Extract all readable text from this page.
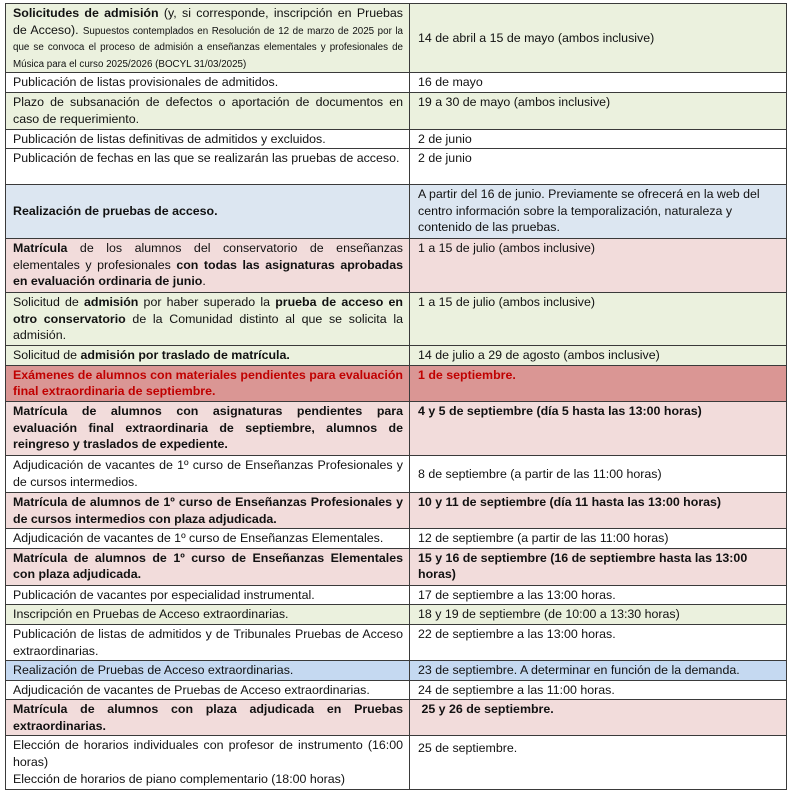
Solicitudes de admisión (y, si corresponde, inscripción en Pruebas de Acceso). Supuestos contemplados en Resolución de 12 de marzo de 2025 por la que se convoca el proceso de admisión a enseñanzas elementales y profesionales de Música para el curso 2025/2026 (BOCYL 31/03/2025)	14 de abril a 15 de mayo (ambos inclusive)
Publicación de listas provisionales de admitidos.	16 de mayo
Plazo de subsanación de defectos o aportación de documentos en caso de requerimiento.	19 a 30 de mayo (ambos inclusive)
Publicación de listas definitivas de admitidos y excluidos.	2 de junio
Publicación de fechas en las que se realizarán las pruebas de acceso.	2 de junio
Realización de pruebas de acceso.	A partir del 16 de junio. Previamente se ofrecerá en la web del centro información sobre la temporalización, naturaleza y contenido de las pruebas.
Matrícula de los alumnos del conservatorio de enseñanzas elementales y profesionales con todas las asignaturas aprobadas en evaluación ordinaria de junio.	1 a 15 de julio (ambos inclusive)
Solicitud de admisión por haber superado la prueba de acceso en otro conservatorio de la Comunidad distinto al que se solicita la admisión.	1 a 15 de julio (ambos inclusive)
Solicitud de admisión por traslado de matrícula.	14 de julio a 29 de agosto (ambos inclusive)
Exámenes de alumnos con materiales pendientes para evaluación final extraordinaria de septiembre.	1 de septiembre.
Matrícula de alumnos con asignaturas pendientes para evaluación final extraordinaria de septiembre, alumnos de reingreso y traslados de expediente.	4 y 5 de septiembre (día 5 hasta las 13:00 horas)
Adjudicación de vacantes de 1º curso de Enseñanzas Profesionales y de cursos intermedios.	8 de septiembre (a partir de las 11:00 horas)
Matrícula de alumnos de 1º curso de Enseñanzas Profesionales y de cursos intermedios con plaza adjudicada.	10 y 11 de septiembre (día 11 hasta las 13:00 horas)
Adjudicación de vacantes de 1º curso de Enseñanzas Elementales.	12 de septiembre (a partir de las 11:00 horas)
Matrícula de alumnos de 1º curso de Enseñanzas Elementales con plaza adjudicada.	15 y 16 de septiembre (16 de septiembre hasta las 13:00 horas)
Publicación de vacantes por especialidad instrumental.	17 de septiembre a las 13:00 horas.
Inscripción en Pruebas de Acceso extraordinarias.	18 y 19 de septiembre (de 10:00 a 13:30 horas)
Publicación de listas de admitidos y de Tribunales Pruebas de Acceso extraordinarias.	22 de septiembre a las 13:00 horas.
Realización de Pruebas de Acceso extraordinarias.	23 de septiembre. A determinar en función de la demanda.
Adjudicación de vacantes de Pruebas de Acceso extraordinarias.	24 de septiembre a las 11:00 horas.
Matrícula de alumnos con plaza adjudicada en Pruebas extraordinarias.	25 y 26 de septiembre.
Elección de horarios individuales con profesor de instrumento (16:00 horas)
Elección de horarios de piano complementario (18:00 horas)	25 de septiembre.
